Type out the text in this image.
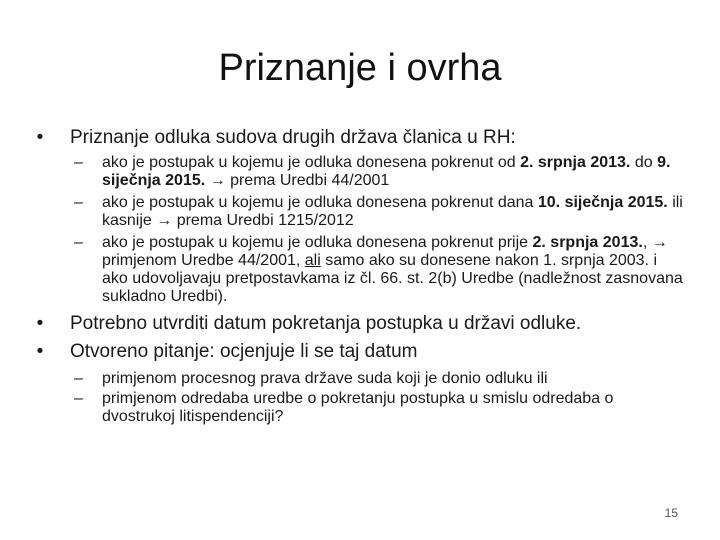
Priznanje i ovrha
•	Priznanje odluka sudova drugih država članica u RH:
– ako je postupak u kojemu je odluka donesena pokrenut od 2. srpnja 2013. do 9. siječnja 2015. → prema Uredbi 44/2001
– ako je postupak u kojemu je odluka donesena pokrenut dana 10. siječnja 2015. ili kasnije → prema Uredbi 1215/2012
– ako je postupak u kojemu je odluka donesena pokrenut prije 2. srpnja 2013., → primjenom Uredbe 44/2001, ali samo ako su donesene nakon 1. srpnja 2003. i ako udovoljavaju pretpostavkama iz čl. 66. st. 2(b) Uredbe (nadležnost zasnovana sukladno Uredbi).
•	Potrebno utvrditi datum pokretanja postupka u državi odluke.
•	Otvoreno pitanje: ocjenjuje li se taj datum
– primjenom procesnog prava države suda koji je donio odluku ili
– primjenom odredaba uredbe o pokretanju postupka u smislu odredaba o dvostrukoj litispendenciji?
15
